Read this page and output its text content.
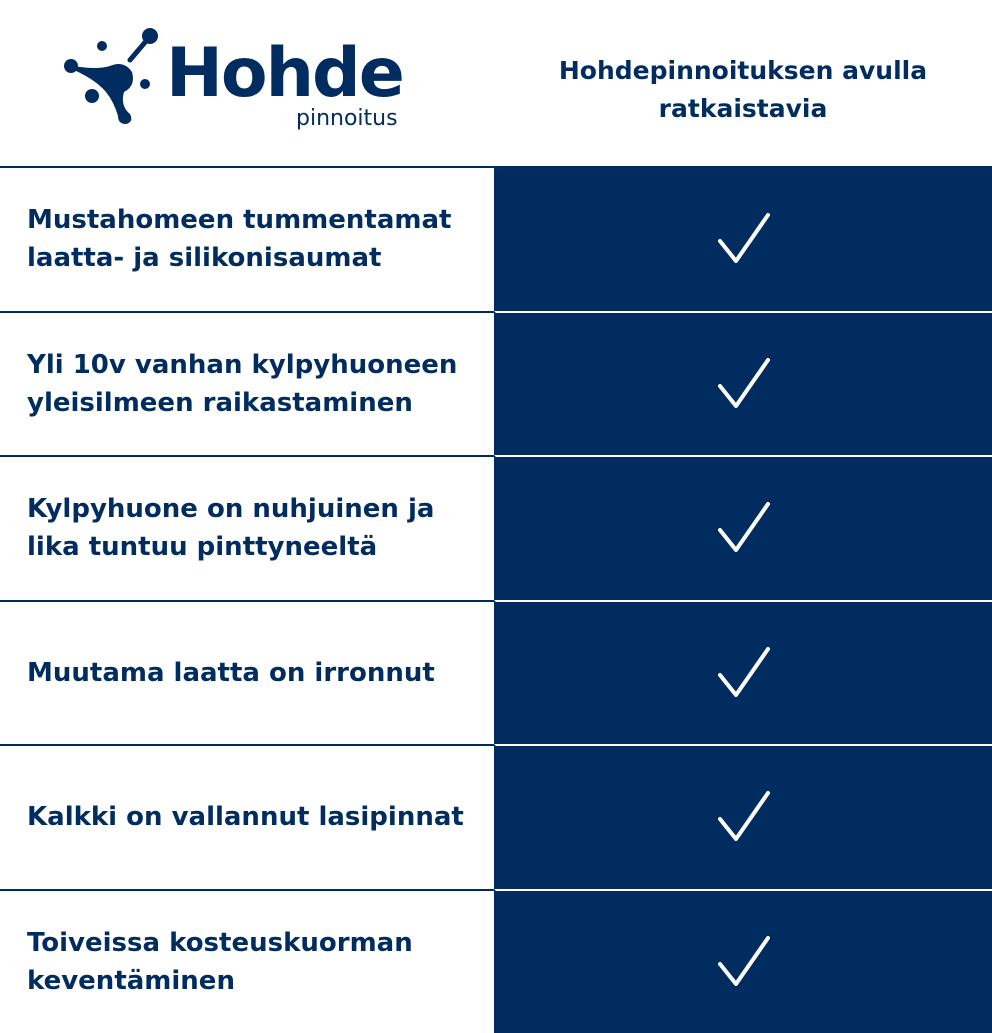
Hohde
pinnoitus
Hohdepinnoituksen avulla ratkaistavia
Mustahomeen tummentamat laatta- ja silikonisaumat
Yli 10v vanhan kylpyhuoneen yleisilmeen raikastaminen
Kylpyhuone on nuhjuinen ja lika tuntuu pinttyneeltä
Muutama laatta on irronnut
Kalkki on vallannut lasipinnat
Toiveissa kosteuskuorman keventäminen
